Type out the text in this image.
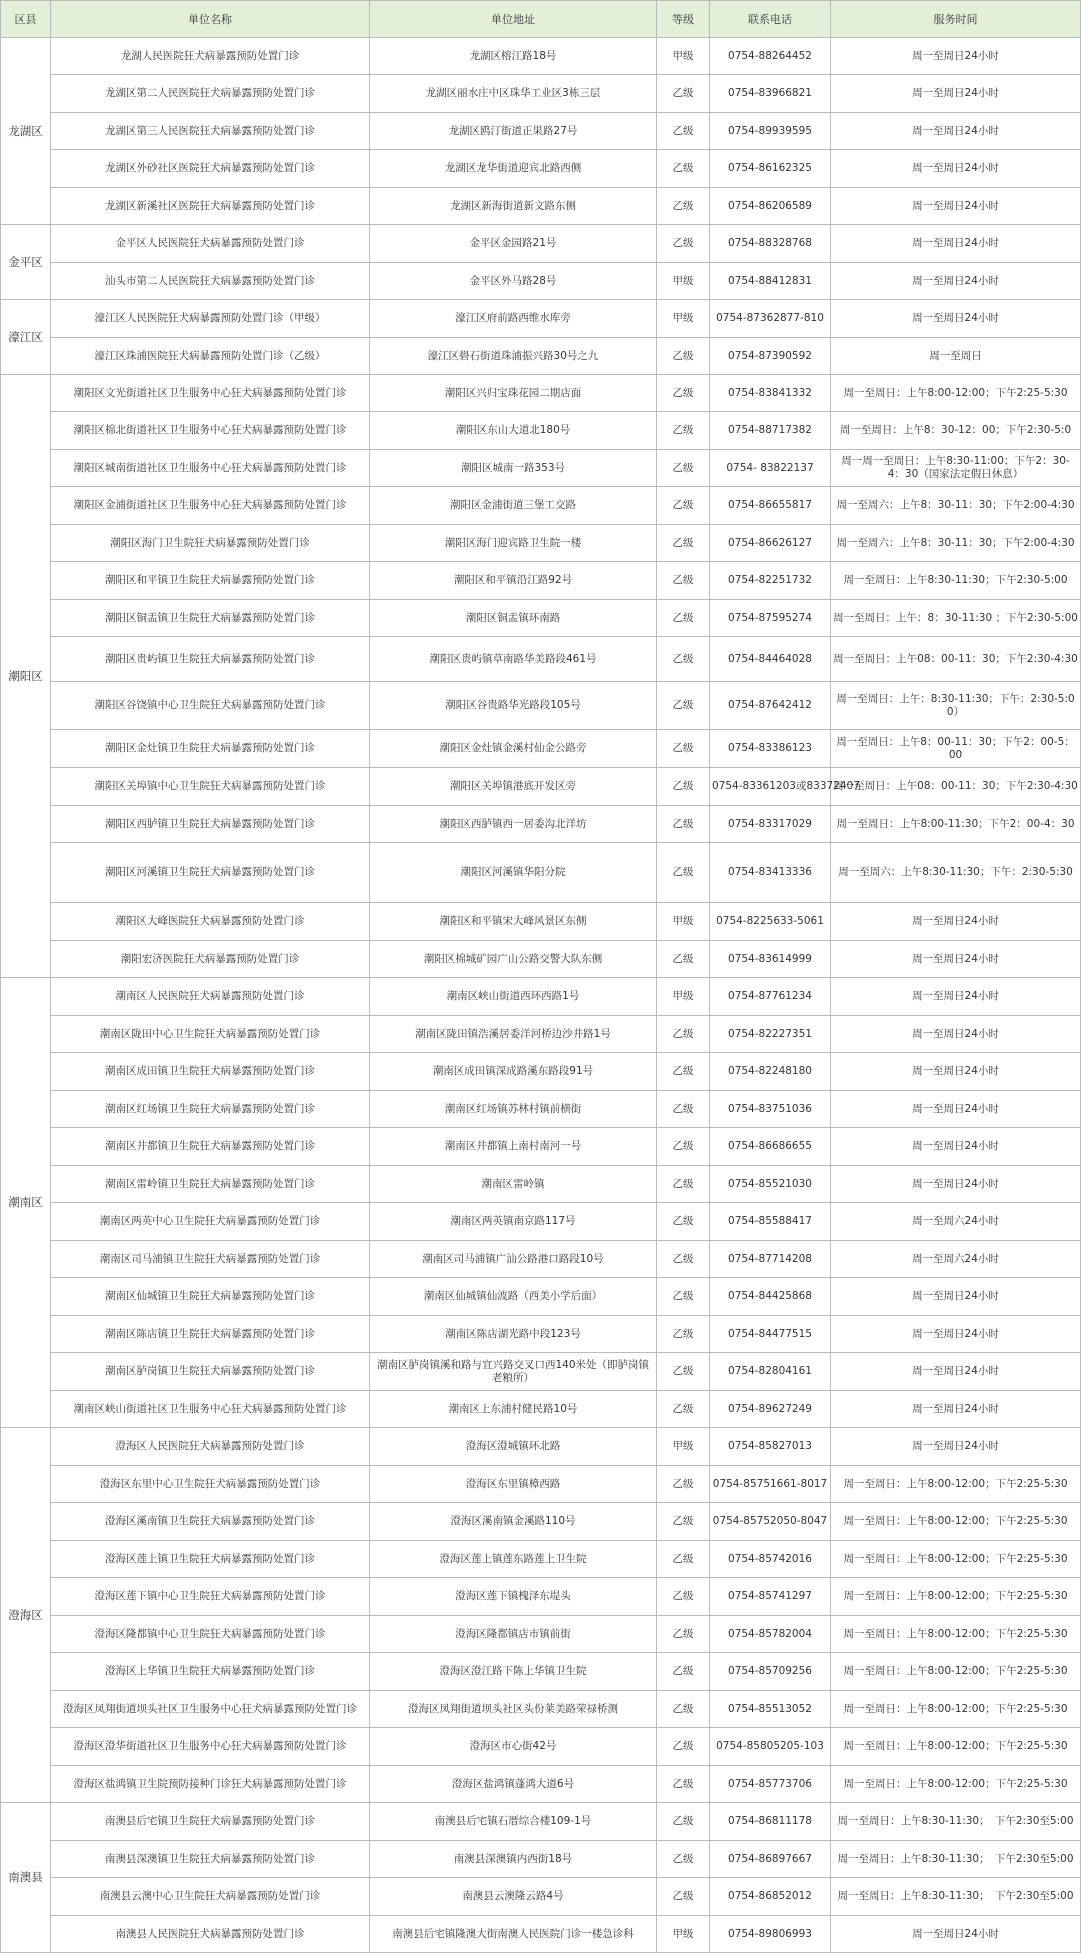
区县	单位名称	单位地址	等级	联系电话	服务时间
龙湖区	龙湖人民医院狂犬病暴露预防处置门诊	龙湖区榕江路18号	甲级	0754-88264452	周一至周日24小时
	龙湖区第二人民医院狂犬病暴露预防处置门诊	龙湖区丽水庄中区珠华工业区3栋三层	乙级	0754-83966821	周一至周日24小时
	龙湖区第三人民医院狂犬病暴露预防处置门诊	龙湖区鸥汀街道正果路27号	乙级	0754-89939595	周一至周日24小时
	龙湖区外砂社区医院狂犬病暴露预防处置门诊	龙湖区龙华街道迎宾北路西侧	乙级	0754-86162325	周一至周日24小时
	龙湖区新溪社区医院狂犬病暴露预防处置门诊	龙湖区新海街道新文路东侧	乙级	0754-86206589	周一至周日24小时
金平区	金平区人民医院狂犬病暴露预防处置门诊	金平区金园路21号	乙级	0754-88328768	周一至周日24小时
	汕头市第二人民医院狂犬病暴露预防处置门诊	金平区外马路28号	甲级	0754-88412831	周一至周日24小时
濠江区	濠江区人民医院狂犬病暴露预防处置门诊（甲级）	濠江区府前路西维水库旁	甲级	0754-87362877-810	周一至周日24小时
	濠江区珠浦医院狂犬病暴露预防处置门诊（乙级）	濠江区礐石街道珠浦振兴路30号之九	乙级	0754-87390592	周一至周日
潮阳区	潮阳区文光街道社区卫生服务中心狂犬病暴露预防处置门诊	潮阳区兴归宝珠花园二期店面	乙级	0754-83841332	周一至周日：上午8:00-12:00；下午2:25-5:30
	潮阳区棉北街道社区卫生服务中心狂犬病暴露预防处置门诊	潮阳区东山大道北180号	乙级	0754-88717382	周一至周日：上午8：30-12：00；下午2:30-5:0
	潮阳区城南街道社区卫生服务中心狂犬病暴露预防处置门诊	潮阳区城南一路353号	乙级	0754- 83822137	周一周一至周日：上午8:30-11:00；下午2：30-4：30（国家法定假日休息）
	潮阳区金浦街道社区卫生服务中心狂犬病暴露预防处置门诊	潮阳区金浦街道三堡工交路	乙级	0754-86655817	周一至周六：上午8：30-11：30；下午2:00-4:30
	潮阳区海门卫生院狂犬病暴露预防处置门诊	潮阳区海门迎宾路卫生院一楼	乙级	0754-86626127	周一至周六：上午8：30-11：30；下午2:00-4:30
	潮阳区和平镇卫生院狂犬病暴露预防处置门诊	潮阳区和平镇沿江路92号	乙级	0754-82251732	周一至周日：上午8:30-11:30；下午2:30-5:00
	潮阳区铜盂镇卫生院狂犬病暴露预防处置门诊	潮阳区铜盂镇环南路	乙级	0754-87595274	周一至周日：上午：8：30-11:30 ；下午2:30-5:00
	潮阳区贵屿镇卫生院狂犬病暴露预防处置门诊	潮阳区贵屿镇草南路华美路段461号	乙级	0754-84464028	周一至周日：上午08：00-11：30；下午2:30-4:30
	潮阳区谷饶镇中心卫生院狂犬病暴露预防处置门诊	潮阳区谷贵路华光路段105号	乙级	0754-87642412	周一至周日：上午：8:30-11:30；下午：2:30-5:00）
	潮阳区金灶镇卫生院狂犬病暴露预防处置门诊	潮阳区金灶镇金溪村仙金公路旁	乙级	0754-83386123	周一至周日：上午8：00-11：30；下午2：00-5：00
	潮阳区关埠镇中心卫生院狂犬病暴露预防处置门诊	潮阳区关埠镇港底开发区旁	乙级	0754-83361203或83372407	周一至周日：上午08：00-11：30；下午2:30-4:30
	潮阳区西胪镇卫生院狂犬病暴露预防处置门诊	潮阳区西胪镇西一居委沟北洋坊	乙级	0754-83317029	周一至周日：上午8:00-11:30；下午2：00-4：30
	潮阳区河溪镇卫生院狂犬病暴露预防处置门诊	潮阳区河溪镇华阳分院	乙级	0754-83413336	周一至周六：上午8:30-11:30；下午：2:30-5:30
	潮阳区大峰医院狂犬病暴露预防处置门诊	潮阳区和平镇宋大峰风景区东侧	甲级	0754-8225633-5061	周一至周日24小时
	潮阳宏济医院狂犬病暴露预防处置门诊	潮阳区棉城矿园广山公路交警大队东侧	乙级	0754-83614999	周一至周日24小时
潮南区	潮南区人民医院狂犬病暴露预防处置门诊	潮南区峡山街道西环西路1号	甲级	0754-87761234	周一至周日24小时
	潮南区陇田中心卫生院狂犬病暴露预防处置门诊	潮南区陇田镇浩溪居委洋河桥边沙井路1号	乙级	0754-82227351	周一至周日24小时
	潮南区成田镇卫生院狂犬病暴露预防处置门诊	潮南区成田镇深成路溪东路段91号	乙级	0754-82248180	周一至周日24小时
	潮南区红场镇卫生院狂犬病暴露预防处置门诊	潮南区红场镇苏林村镇前横街	乙级	0754-83751036	周一至周日24小时
	潮南区井都镇卫生院狂犬病暴露预防处置门诊	潮南区井都镇上南村南河一号	乙级	0754-86686655	周一至周日24小时
	潮南区雷岭镇卫生院狂犬病暴露预防处置门诊	潮南区雷岭镇	乙级	0754-85521030	周一至周日24小时
	潮南区两英中心卫生院狂犬病暴露预防处置门诊	潮南区两英镇南京路117号	乙级	0754-85588417	周一至周六24小时
	潮南区司马浦镇卫生院狂犬病暴露预防处置门诊	潮南区司马浦镇广汕公路港口路段10号	乙级	0754-87714208	周一至周六24小时
	潮南区仙城镇卫生院狂犬病暴露预防处置门诊	潮南区仙城镇仙波路（西美小学后面）	乙级	0754-84425868	周一至周日24小时
	潮南区陈店镇卫生院狂犬病暴露预防处置门诊	潮南区陈店湖光路中段123号	乙级	0754-84477515	周一至周日24小时
	潮南区胪岗镇卫生院狂犬病暴露预防处置门诊	潮南区胪岗镇溪和路与宜兴路交叉口西140米处（即胪岗镇老粮所）	乙级	0754-82804161	周一至周日24小时
	潮南区峡山街道社区卫生服务中心狂犬病暴露预防处置门诊	潮南区上东浦村健民路10号	乙级	0754-89627249	周一至周日24小时
澄海区	澄海区人民医院狂犬病暴露预防处置门诊	澄海区澄城镇环北路	甲级	0754-85827013	周一至周日24小时
	澄海区东里中心卫生院狂犬病暴露预防处置门诊	澄海区东里镇樟西路	乙级	0754-85751661-8017	周一至周日：上午8:00-12:00；下午2:25-5:30
	澄海区溪南镇卫生院狂犬病暴露预防处置门诊	澄海区溪南镇金溪路110号	乙级	0754-85752050-8047	周一至周日：上午8:00-12:00；下午2:25-5:30
	澄海区莲上镇卫生院狂犬病暴露预防处置门诊	澄海区莲上镇莲东路莲上卫生院	乙级	0754-85742016	周一至周日：上午8:00-12:00；下午2:25-5:30
	澄海区莲下镇中心卫生院狂犬病暴露预防处置门诊	澄海区莲下镇槐泽东堤头	乙级	0754-85741297	周一至周日：上午8:00-12:00；下午2:25-5:30
	澄海区隆都镇中心卫生院狂犬病暴露预防处置门诊	澄海区隆都镇店市镇前街	乙级	0754-85782004	周一至周日：上午8:00-12:00；下午2:25-5:30
	澄海区上华镇卫生院狂犬病暴露预防处置门诊	澄海区澄江路下陈上华镇卫生院	乙级	0754-85709256	周一至周日：上午8:00-12:00；下午2:25-5:30
	澄海区凤翔街道坝头社区卫生服务中心狂犬病暴露预防处置门诊	澄海区凤翔街道坝头社区头份莱美路荣禄桥测	乙级	0754-85513052	周一至周日：上午8:00-12:00；下午2:25-5:30
	澄海区澄华街道社区卫生服务中心狂犬病暴露预防处置门诊	澄海区市心街42号	乙级	0754-85805205-103	周一至周日：上午8:00-12:00；下午2:25-5:30
	澄海区盐鸿镇卫生院预防接种门诊狂犬病暴露预防处置门诊	澄海区盐鸿镇蓬鸿大道6号	乙级	0754-85773706	周一至周日：上午8:00-12:00；下午2:25-5:30
南澳县	南澳县后宅镇卫生院狂犬病暴露预防处置门诊	南澳县后宅镇石厝综合楼109-1号	乙级	0754-86811178	周一至周日：上午8:30-11:30；　下午2:30至5:00
	南澳县深澳镇卫生院狂犬病暴露预防处置门诊	南澳县深澳镇内西街18号	乙级	0754-86897667	周一至周日：上午8:30-11:30；　下午2:30至5:00
	南澳县云澳中心卫生院狂犬病暴露预防处置门诊	南澳县云澳隆云路4号	乙级	0754-86852012	周一至周日：上午8:30-11:30；　下午2:30至5:00
	南澳县人民医院狂犬病暴露预防处置门诊	南澳县后宅镇隆澳大街南澳人民医院门诊一楼急诊科	甲级	0754-89806993	周一至周日24小时
